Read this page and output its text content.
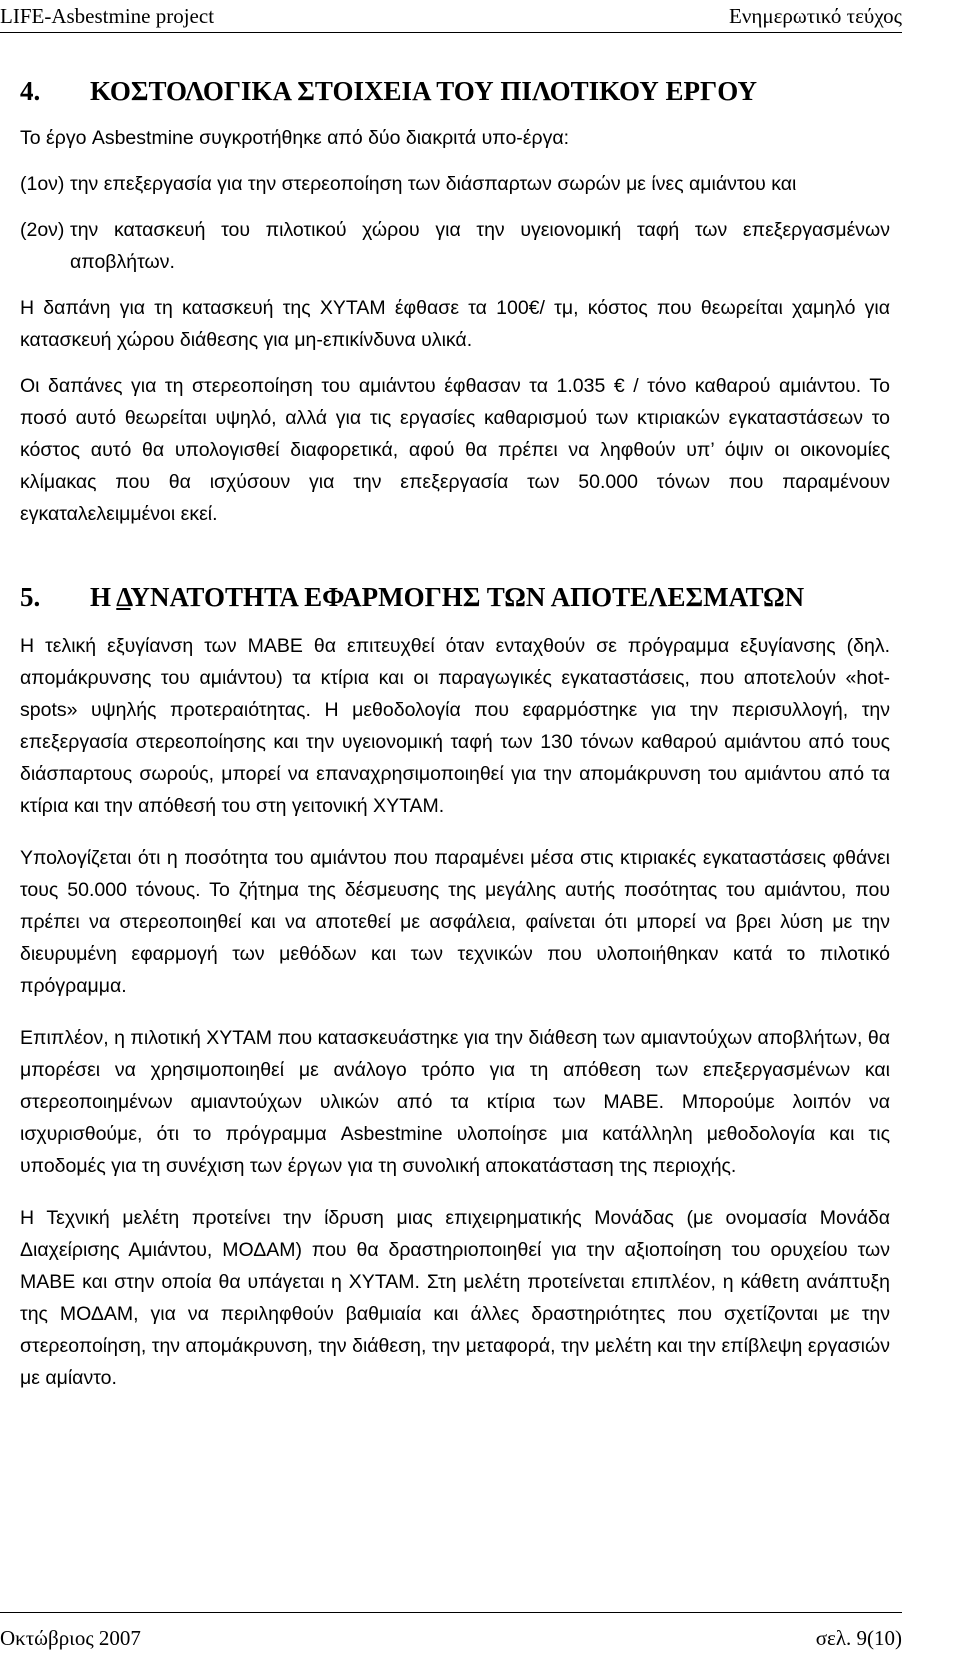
LIFE-Asbestmine project	Ενημερωτικό τεύχος
4. ΚΟΣΤΟΛΟΓΙΚΑ ΣΤΟΙΧΕΙΑ ΤΟΥ ΠΙΛΟΤΙΚΟΥ ΕΡΓΟΥ

Το έργο Asbestmine συγκροτήθηκε από δύο διακριτά υπο-έργα:

(1ον) την επεξεργασία για την στερεοποίηση των διάσπαρτων σωρών με ίνες αμιάντου και
(2ον) την κατασκευή του πιλοτικού χώρου για την υγειονομική ταφή των επεξεργασμένων αποβλήτων.

Η δαπάνη για τη κατασκευή της ΧΥΤΑΜ έφθασε τα 100€/ τμ, κόστος που θεωρείται χαμηλό για κατασκευή χώρου διάθεσης για μη-επικίνδυνα υλικά.

Οι δαπάνες για τη στερεοποίηση του αμιάντου έφθασαν τα 1.035 € / τόνο καθαρού αμιάντου. Το ποσό αυτό θεωρείται υψηλό, αλλά για τις εργασίες καθαρισμού των κτιριακών εγκαταστάσεων το κόστος αυτό θα υπολογισθεί διαφορετικά, αφού θα πρέπει να ληφθούν υπ’ όψιν οι οικονομίες κλίμακας που θα ισχύσουν για την επεξεργασία των 50.000 τόνων που παραμένουν εγκαταλελειμμένοι εκεί.

5. Η ΔΥΝΑΤΟΤΗΤΑ ΕΦΑΡΜΟΓΗΣ ΤΩΝ ΑΠΟΤΕΛΕΣΜΑΤΩΝ

Η τελική εξυγίανση των ΜΑΒΕ θα επιτευχθεί όταν ενταχθούν σε πρόγραμμα εξυγίανσης (δηλ. απομάκρυνσης του αμιάντου) τα κτίρια και οι παραγωγικές εγκαταστάσεις, που αποτελούν «hot-spots» υψηλής προτεραιότητας. Η μεθοδολογία που εφαρμόστηκε για την περισυλλογή, την επεξεργασία στερεοποίησης και την υγειονομική ταφή των 130 τόνων καθαρού αμιάντου από τους διάσπαρτους σωρούς, μπορεί να επαναχρησιμοποιηθεί για την απομάκρυνση του αμιάντου από τα κτίρια και την απόθεσή του στη γειτονική ΧΥΤΑΜ.

Υπολογίζεται ότι η ποσότητα του αμιάντου που παραμένει μέσα στις κτιριακές εγκαταστάσεις φθάνει τους 50.000 τόνους. Το ζήτημα της δέσμευσης της μεγάλης αυτής ποσότητας του αμιάντου, που πρέπει να στερεοποιηθεί και να αποτεθεί με ασφάλεια, φαίνεται ότι μπορεί να βρει λύση με την διευρυμένη εφαρμογή των μεθόδων και των τεχνικών που υλοποιήθηκαν κατά το πιλοτικό πρόγραμμα.

Επιπλέον, η πιλοτική ΧΥΤΑΜ που κατασκευάστηκε για την διάθεση των αμιαντούχων αποβλήτων, θα μπορέσει να χρησιμοποιηθεί με ανάλογο τρόπο για τη απόθεση των επεξεργασμένων και στερεοποιημένων αμιαντούχων υλικών από τα κτίρια των ΜΑΒΕ. Μπορούμε λοιπόν να ισχυρισθούμε, ότι το πρόγραμμα Asbestmine υλοποίησε μια κατάλληλη μεθοδολογία και τις υποδομές για τη συνέχιση των έργων για τη συνολική αποκατάσταση της περιοχής.

Η Τεχνική μελέτη προτείνει την ίδρυση μιας επιχειρηματικής Μονάδας (με ονομασία Μονάδα Διαχείρισης Αμιάντου, ΜΟΔΑΜ) που θα δραστηριοποιηθεί για την αξιοποίηση του ορυχείου των ΜΑΒΕ και στην οποία θα υπάγεται η ΧΥΤΑΜ. Στη μελέτη προτείνεται επιπλέον, η κάθετη ανάπτυξη της ΜΟΔΑΜ, για να περιληφθούν βαθμιαία και άλλες δραστηριότητες που σχετίζονται με την στερεοποίηση, την απομάκρυνση, την διάθεση, την μεταφορά, την μελέτη και την επίβλεψη εργασιών με αμίαντο.

Οκτώβριος 2007	σελ. 9(10)
